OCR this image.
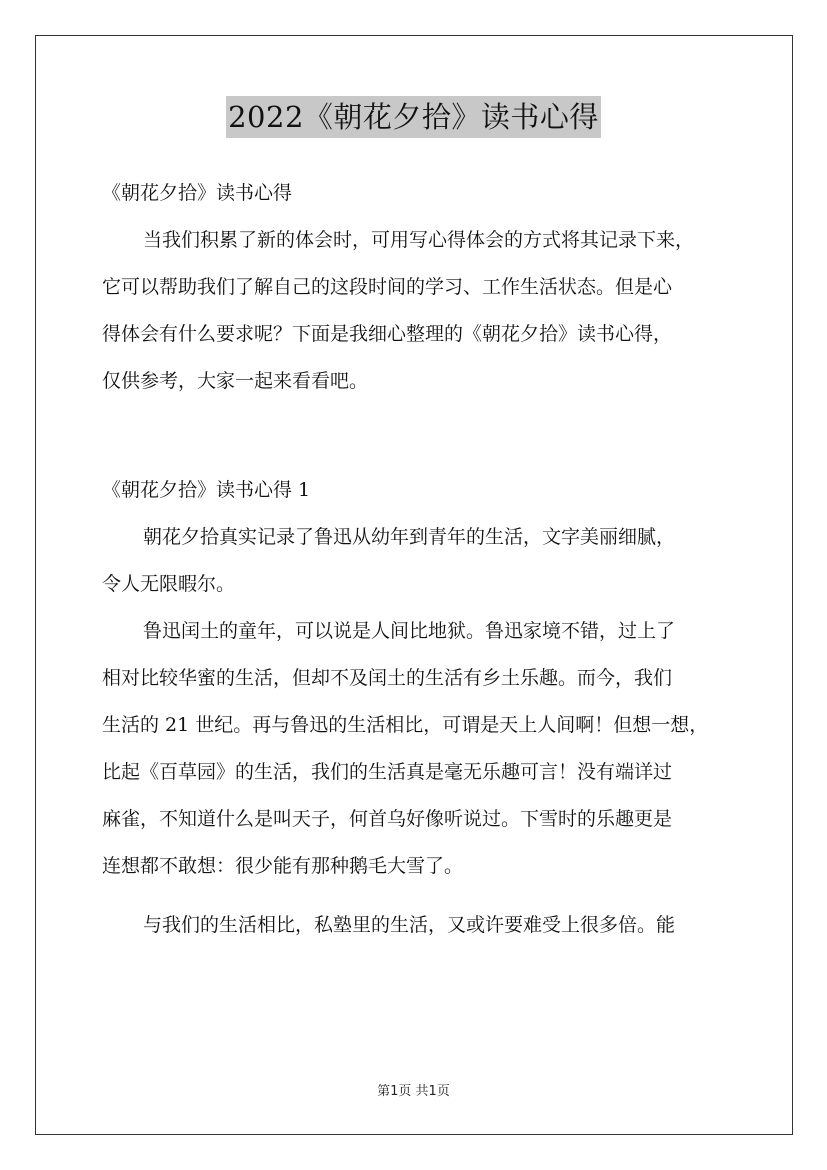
2022《朝花夕拾》读书心得
《朝花夕拾》读书心得
当我们积累了新的体会时，可用写心得体会的方式将其记录下来，
它可以帮助我们了解自己的这段时间的学习、工作生活状态。但是心
得体会有什么要求呢？下面是我细心整理的《朝花夕拾》读书心得，
仅供参考，大家一起来看看吧。
《朝花夕拾》读书心得 1
朝花夕拾真实记录了鲁迅从幼年到青年的生活，文字美丽细腻，
令人无限暇尔。
鲁迅闰土的童年，可以说是人间比地狱。鲁迅家境不错，过上了
相对比较华蜜的生活，但却不及闰土的生活有乡土乐趣。而今，我们
生活的 21 世纪。再与鲁迅的生活相比，可谓是天上人间啊！但想一想，
比起《百草园》的生活，我们的生活真是毫无乐趣可言！没有端详过
麻雀，不知道什么是叫天子，何首乌好像听说过。下雪时的乐趣更是
连想都不敢想：很少能有那种鹅毛大雪了。
与我们的生活相比，私塾里的生活，又或许要难受上很多倍。能
第1页 共1页
